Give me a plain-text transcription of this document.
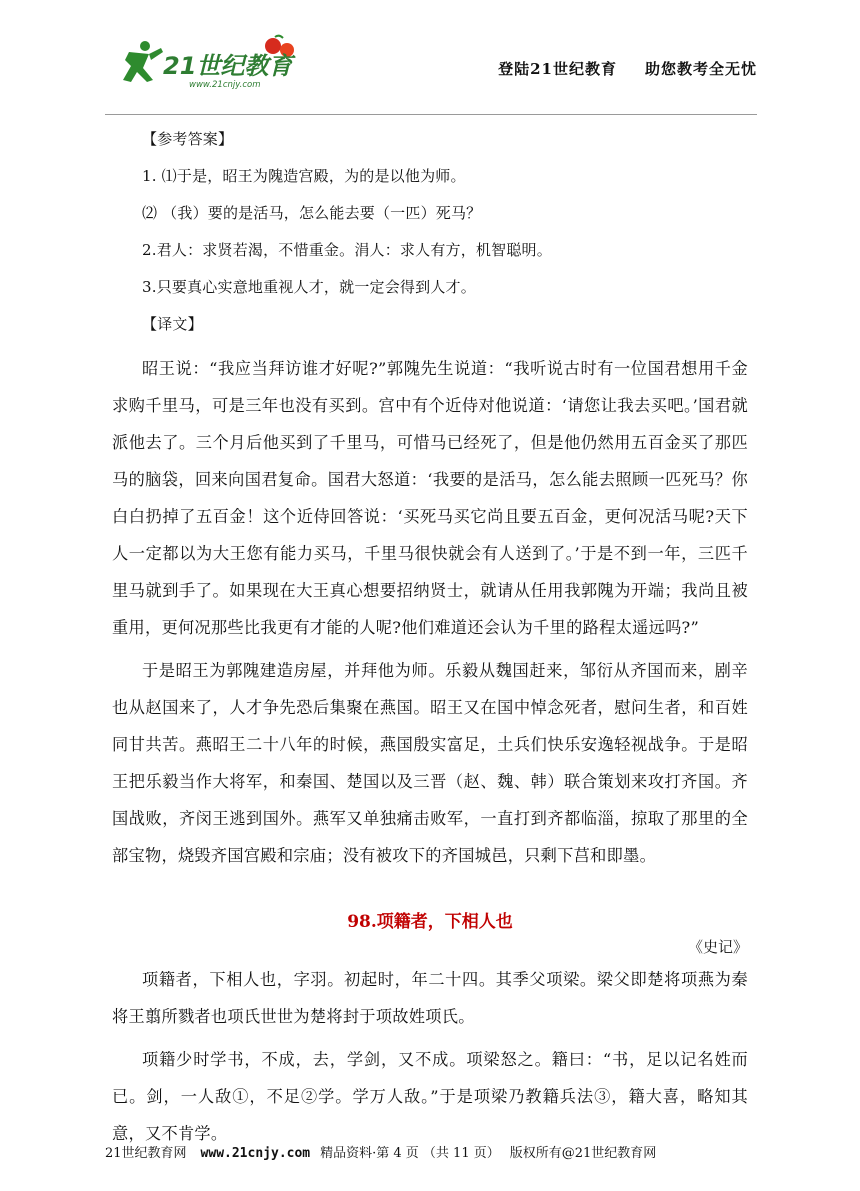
21世纪教育
www.21cnjy.com
登陆21世纪教育 助您教考全无忧

【参考答案】

1. ⑴于是，昭王为隗造宫殿，为的是以他为师。

⑵ （我）要的是活马，怎么能去要（一匹）死马？

2.君人：求贤若渴，不惜重金。涓人：求人有方，机智聪明。

3.只要真心实意地重视人才，就一定会得到人才。

【译文】

昭王说：“我应当拜访谁才好呢?”郭隗先生说道：“我听说古时有一位国君想用千金求购千里马，可是三年也没有买到。宫中有个近侍对他说道：‘请您让我去买吧。’国君就派他去了。三个月后他买到了千里马，可惜马已经死了，但是他仍然用五百金买了那匹马的脑袋，回来向国君复命。国君大怒道：‘我要的是活马，怎么能去照顾一匹死马？你白白扔掉了五百金！这个近侍回答说：‘买死马买它尚且要五百金，更何况活马呢?天下人一定都以为大王您有能力买马，千里马很快就会有人送到了。’于是不到一年，三匹千里马就到手了。如果现在大王真心想要招纳贤士，就请从任用我郭隗为开端；我尚且被重用，更何况那些比我更有才能的人呢?他们难道还会认为千里的路程太遥远吗?”

于是昭王为郭隗建造房屋，并拜他为师。乐毅从魏国赶来，邹衍从齐国而来，剧辛也从赵国来了，人才争先恐后集聚在燕国。昭王又在国中悼念死者，慰问生者，和百姓同甘共苦。燕昭王二十八年的时候，燕国殷实富足，土兵们快乐安逸轻视战争。于是昭王把乐毅当作大将军，和秦国、楚国以及三晋（赵、魏、韩）联合策划来攻打齐国。齐国战败，齐闵王逃到国外。燕军又单独痛击败军，一直打到齐都临淄，掠取了那里的全部宝物，烧毁齐国宫殿和宗庙；没有被攻下的齐国城邑，只剩下莒和即墨。

98.项籍者，下相人也
《史记》

项籍者，下相人也，字羽。初起时，年二十四。其季父项梁。梁父即楚将项燕为秦将王翦所戮者也项氏世世为楚将封于项故姓项氏。

项籍少时学书，不成，去，学剑，又不成。项梁怒之。籍曰：“书，足以记名姓而已。剑，一人敌①，不足②学。学万人敌。”于是项梁乃教籍兵法③，籍大喜，略知其意，又不肯学。

21世纪教育网 www.21cnjy.com 精品资料·第 4 页 （共 11 页） 版权所有@21世纪教育网
